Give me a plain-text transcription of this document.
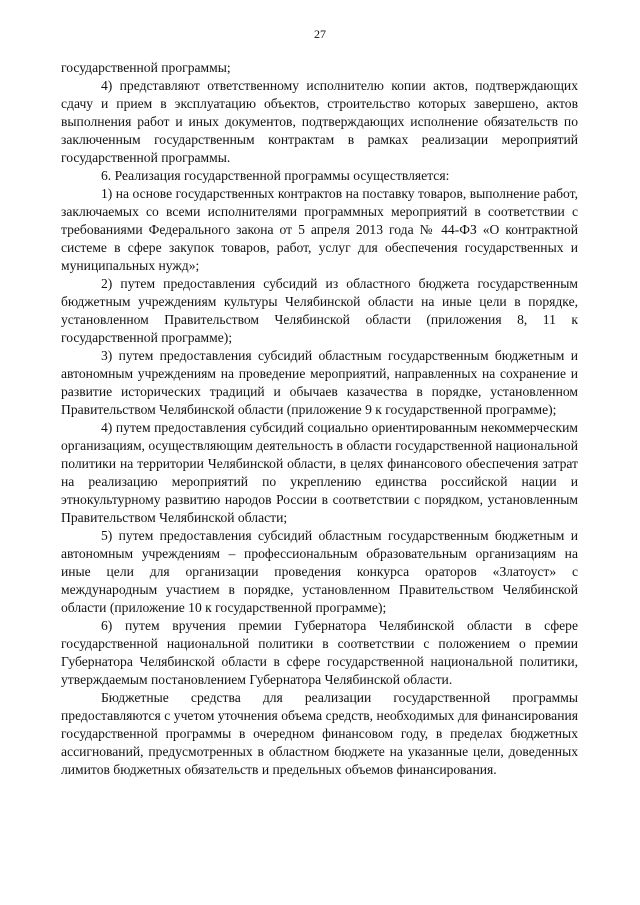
27

государственной программы;

4) представляют ответственному исполнителю копии актов, подтверждающих сдачу и прием в эксплуатацию объектов, строительство которых завершено, актов выполнения работ и иных документов, подтверждающих исполнение обязательств по заключенным государственным контрактам в рамках реализации мероприятий государственной программы.

6. Реализация государственной программы осуществляется:

1) на основе государственных контрактов на поставку товаров, выполнение работ, заключаемых со всеми исполнителями программных мероприятий в соответствии с требованиями Федерального закона от 5 апреля 2013 года № 44-ФЗ «О контрактной системе в сфере закупок товаров, работ, услуг для обеспечения государственных и муниципальных нужд»;

2) путем предоставления субсидий из областного бюджета государственным бюджетным учреждениям культуры Челябинской области на иные цели в порядке, установленном Правительством Челябинской области (приложения 8, 11 к государственной программе);

3) путем предоставления субсидий областным государственным бюджетным и автономным учреждениям на проведение мероприятий, направленных на сохранение и развитие исторических традиций и обычаев казачества в порядке, установленном Правительством Челябинской области (приложение 9 к государственной программе);

4) путем предоставления субсидий социально ориентированным некоммерческим организациям, осуществляющим деятельность в области государственной национальной политики на территории Челябинской области, в целях финансового обеспечения затрат на реализацию мероприятий по укреплению единства российской нации и этнокультурному развитию народов России в соответствии с порядком, установленным Правительством Челябинской области;

5) путем предоставления субсидий областным государственным бюджетным и автономным учреждениям – профессиональным образовательным организациям на иные цели для организации проведения конкурса ораторов «Златоуст» с международным участием в порядке, установленном Правительством Челябинской области (приложение 10 к государственной программе);

6) путем вручения премии Губернатора Челябинской области в сфере государственной национальной политики в соответствии с положением о премии Губернатора Челябинской области в сфере государственной национальной политики, утверждаемым постановлением Губернатора Челябинской области.

Бюджетные средства для реализации государственной программы предоставляются с учетом уточнения объема средств, необходимых для финансирования государственной программы в очередном финансовом году, в пределах бюджетных ассигнований, предусмотренных в областном бюджете на указанные цели, доведенных лимитов бюджетных обязательств и предельных объемов финансирования.
